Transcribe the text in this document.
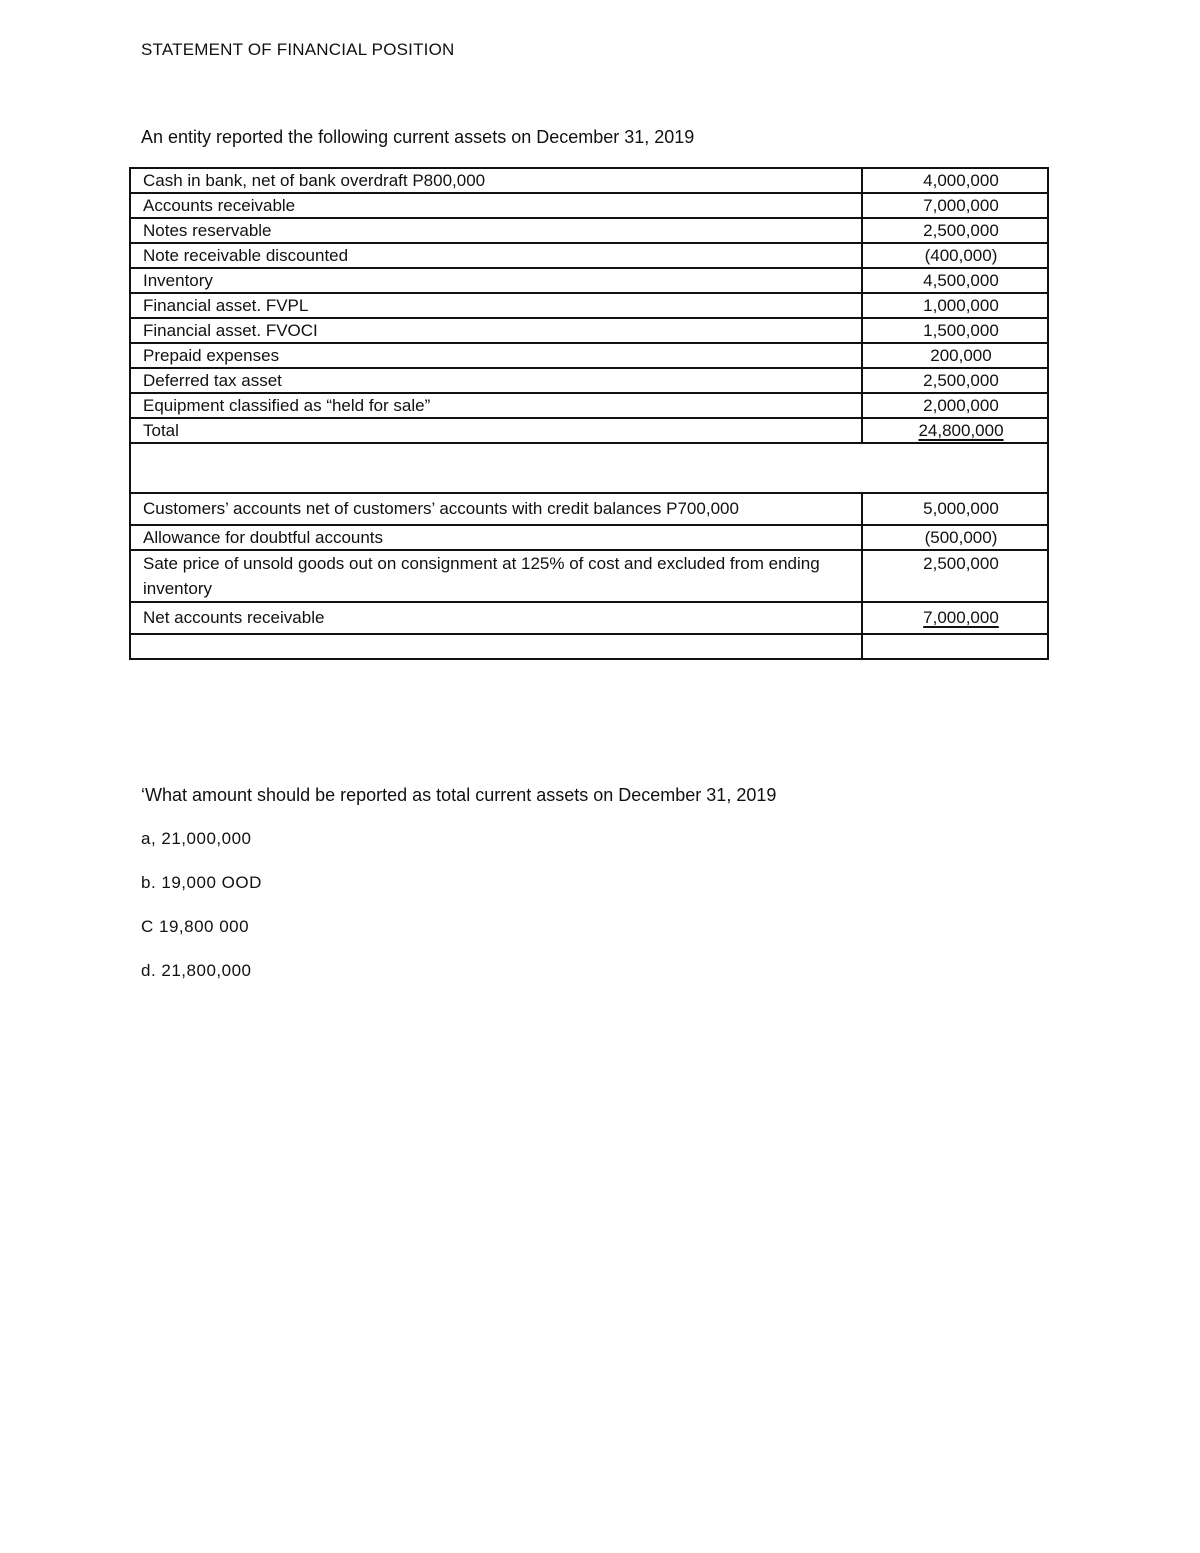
STATEMENT OF FINANCIAL POSITION
An entity reported the following current assets on December 31, 2019
Cash in bank, net of bank overdraft P800,000	4,000,000
Accounts receivable	7,000,000
Notes reservable	2,500,000
Note receivable discounted	(400,000)
Inventory	4,500,000
Financial asset. FVPL	1,000,000
Financial asset. FVOCI	1,500,000
Prepaid expenses	200,000
Deferred tax asset	2,500,000
Equipment classified as “held for sale”	2,000,000
Total	24,800,000

Customers’ accounts net of customers’ accounts with credit balances P700,000	5,000,000
Allowance for doubtful accounts	(500,000)
Sate price of unsold goods out on consignment at 125% of cost and excluded from ending inventory	2,500,000
Net accounts receivable	7,000,000

‘What amount should be reported as total current assets on December 31, 2019
a, 21,000,000
b. 19,000 OOD
C 19,800 000
d. 21,800,000
